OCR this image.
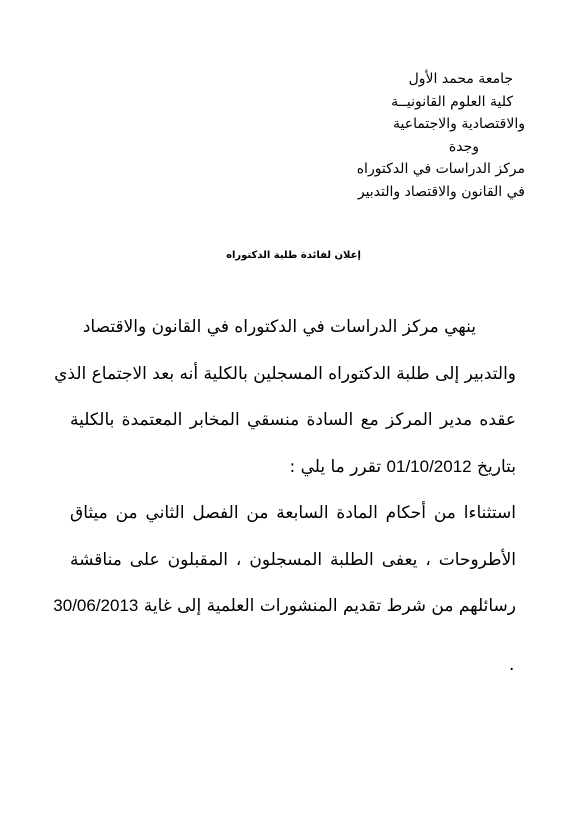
جامعة محمد الأول
كلية العلوم القانونيــة
والاقتصادية والاجتماعية
وجدة
مركز الدراسات في الدكتوراه
في القانون والاقتصاد والتدبير
إعلان لفائدة طلبة الدكتوراه
ينهي مركز الدراسات في الدكتوراه في القانون والاقتصاد
والتدبير إلى طلبة الدكتوراه المسجلين بالكلية أنه بعد الاجتماع الذي
عقده مدير المركز مع السادة منسقي المخابر المعتمدة بالكلية
بتاريخ 01/10/2012 تقرر ما يلي :
استثناءا من أحكام المادة السابعة من الفصل الثاني من ميثاق
الأطروحات ، يعفى الطلبة المسجلون ، المقبلون على مناقشة
رسائلهم من شرط تقديم المنشورات العلمية إلى غاية 30/06/2013
.
